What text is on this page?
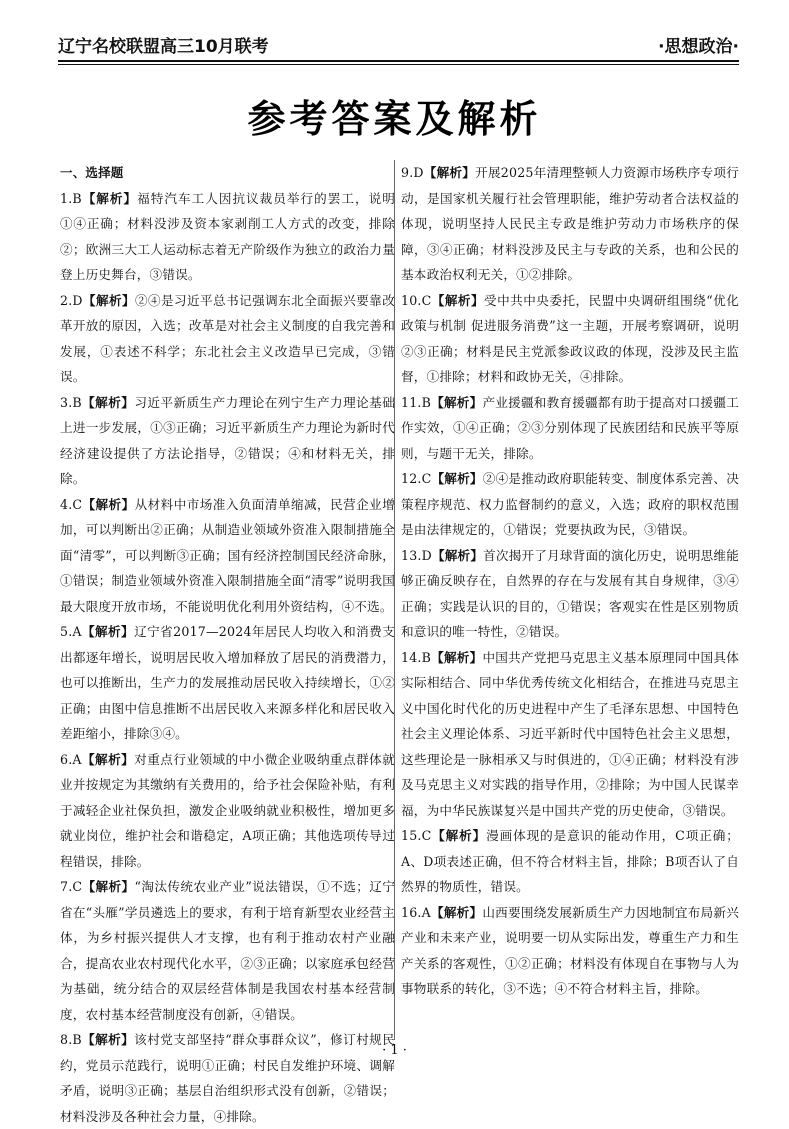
辽宁名校联盟高三10月联考	·思想政治·
参考答案及解析
一、选择题

1.B【解析】福特汽车工人因抗议裁员举行的罢工，说明①④正确；材料没涉及资本家剥削工人方式的改变，排除②；欧洲三大工人运动标志着无产阶级作为独立的政治力量登上历史舞台，③错误。

2.D【解析】②④是习近平总书记强调东北全面振兴要靠改革开放的原因，入选；改革是对社会主义制度的自我完善和发展，①表述不科学；东北社会主义改造早已完成，③错误。

3.B【解析】习近平新质生产力理论在列宁生产力理论基础上进一步发展，①③正确；习近平新质生产力理论为新时代经济建设提供了方法论指导，②错误；④和材料无关，排除。

4.C【解析】从材料中市场准入负面清单缩减，民营企业增加，可以判断出②正确；从制造业领域外资准入限制措施全面“清零”，可以判断③正确；国有经济控制国民经济命脉，①错误；制造业领域外资准入限制措施全面“清零”说明我国最大限度开放市场，不能说明优化利用外资结构，④不选。

5.A【解析】辽宁省2017—2024年居民人均收入和消费支出都逐年增长，说明居民收入增加释放了居民的消费潜力，也可以推断出，生产力的发展推动居民收入持续增长，①②正确；由图中信息推断不出居民收入来源多样化和居民收入差距缩小，排除③④。

6.A【解析】对重点行业领域的中小微企业吸纳重点群体就业并按规定为其缴纳有关费用的，给予社会保险补贴，有利于减轻企业社保负担，激发企业吸纳就业积极性，增加更多就业岗位，维护社会和谐稳定，A项正确；其他选项传导过程错误，排除。

7.C【解析】“淘汰传统农业产业”说法错误，①不选；辽宁省在“头雁”学员遴选上的要求，有利于培育新型农业经营主体，为乡村振兴提供人才支撑，也有利于推动农村产业融合，提高农业农村现代化水平，②③正确；以家庭承包经营为基础，统分结合的双层经营体制是我国农村基本经营制度，农村基本经营制度没有创新，④错误。

8.B【解析】该村党支部坚持“群众事群众议”，修订村规民约，党员示范践行，说明①正确；村民自发维护环境、调解矛盾，说明③正确；基层自治组织形式没有创新，②错误；材料没涉及各种社会力量，④排除。

9.D【解析】开展2025年清理整顿人力资源市场秩序专项行动，是国家机关履行社会管理职能，维护劳动者合法权益的体现，说明坚持人民民主专政是维护劳动力市场秩序的保障，③④正确；材料没涉及民主与专政的关系，也和公民的基本政治权利无关，①②排除。

10.C【解析】受中共中央委托，民盟中央调研组围绕“优化政策与机制 促进服务消费”这一主题，开展考察调研，说明②③正确；材料是民主党派参政议政的体现，没涉及民主监督，①排除；材料和政协无关，④排除。

11.B【解析】产业援疆和教育援疆都有助于提高对口援疆工作实效，①④正确；②③分别体现了民族团结和民族平等原则，与题干无关，排除。

12.C【解析】②④是推动政府职能转变、制度体系完善、决策程序规范、权力监督制约的意义，入选；政府的职权范围是由法律规定的，①错误；党要执政为民，③错误。

13.D【解析】首次揭开了月球背面的演化历史，说明思维能够正确反映存在，自然界的存在与发展有其自身规律，③④正确；实践是认识的目的，①错误；客观实在性是区别物质和意识的唯一特性，②错误。

14.B【解析】中国共产党把马克思主义基本原理同中国具体实际相结合、同中华优秀传统文化相结合，在推进马克思主义中国化时代化的历史进程中产生了毛泽东思想、中国特色社会主义理论体系、习近平新时代中国特色社会主义思想，这些理论是一脉相承又与时俱进的，①④正确；材料没有涉及马克思主义对实践的指导作用，②排除；为中国人民谋幸福，为中华民族谋复兴是中国共产党的历史使命，③错误。

15.C【解析】漫画体现的是意识的能动作用，C项正确；A、D项表述正确，但不符合材料主旨，排除；B项否认了自然界的物质性，错误。

16.A【解析】山西要围绕发展新质生产力因地制宜布局新兴产业和未来产业，说明要一切从实际出发，尊重生产力和生产关系的客观性，①②正确；材料没有体现自在事物与人为事物联系的转化，③不选；④不符合材料主旨，排除。

· 1 ·
